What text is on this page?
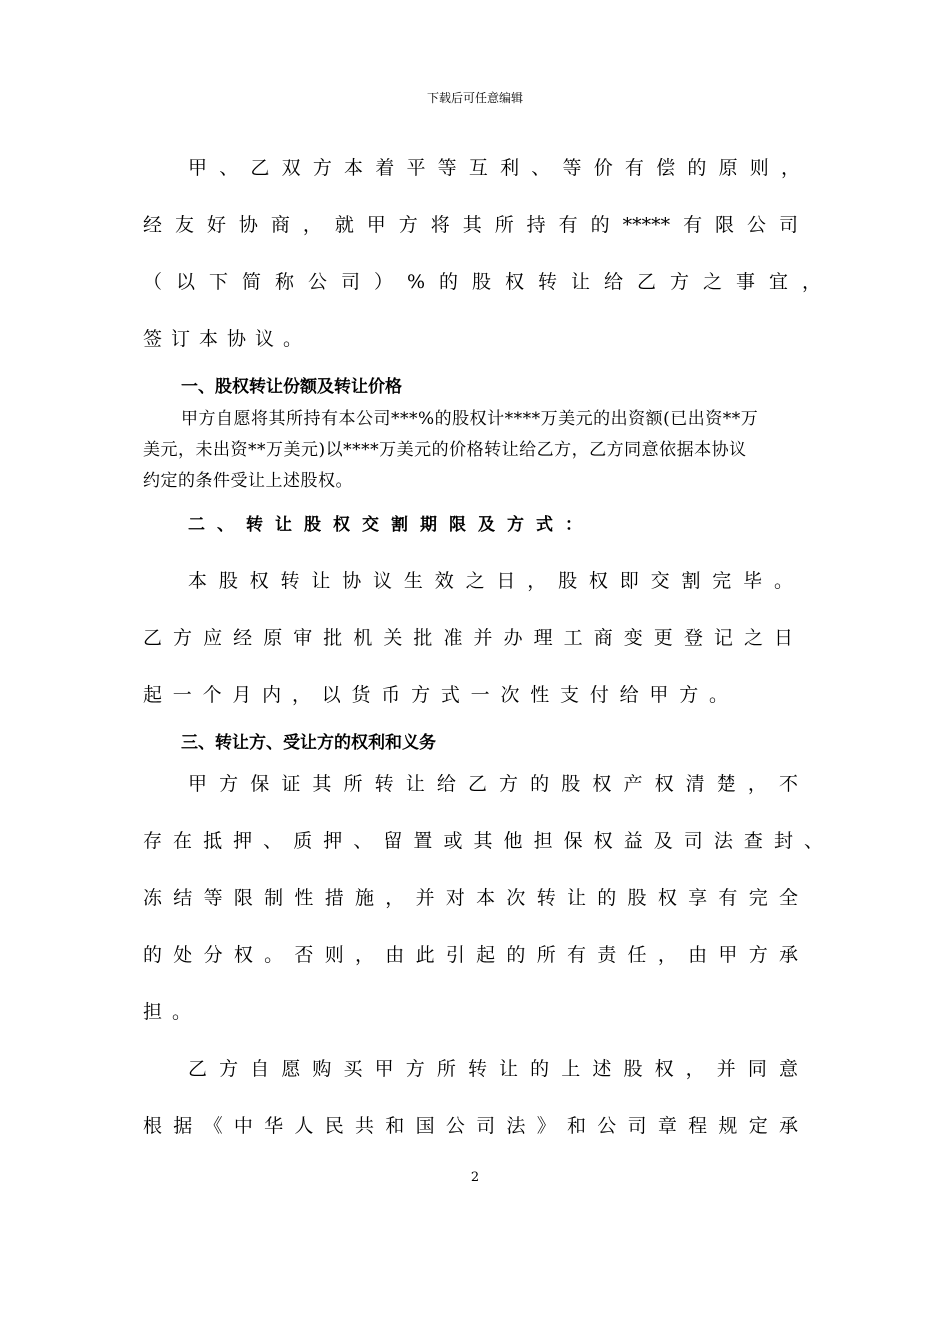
下载后可任意编辑
甲、乙双方本着平等互利、等价有偿的原则，
经友好协商，就甲方将其所持有的*****有限公司
（以下简称公司）%的股权转让给乙方之事宜，
签订本协议。
一、股权转让份额及转让价格
甲方自愿将其所持有本公司***%的股权计****万美元的出资额(已出资**万
美元，未出资**万美元)以****万美元的价格转让给乙方，乙方同意依据本协议
约定的条件受让上述股权。
二、转让股权交割期限及方式：
本股权转让协议生效之日，股权即交割完毕。
乙方应经原审批机关批准并办理工商变更登记之日
起一个月内，以货币方式一次性支付给甲方。
三、转让方、受让方的权利和义务
甲方保证其所转让给乙方的股权产权清楚，不
存在抵押、质押、留置或其他担保权益及司法查封、
冻结等限制性措施，并对本次转让的股权享有完全
的处分权。否则，由此引起的所有责任，由甲方承
担。
乙方自愿购买甲方所转让的上述股权，并同意
根据《中华人民共和国公司法》和公司章程规定承
2
